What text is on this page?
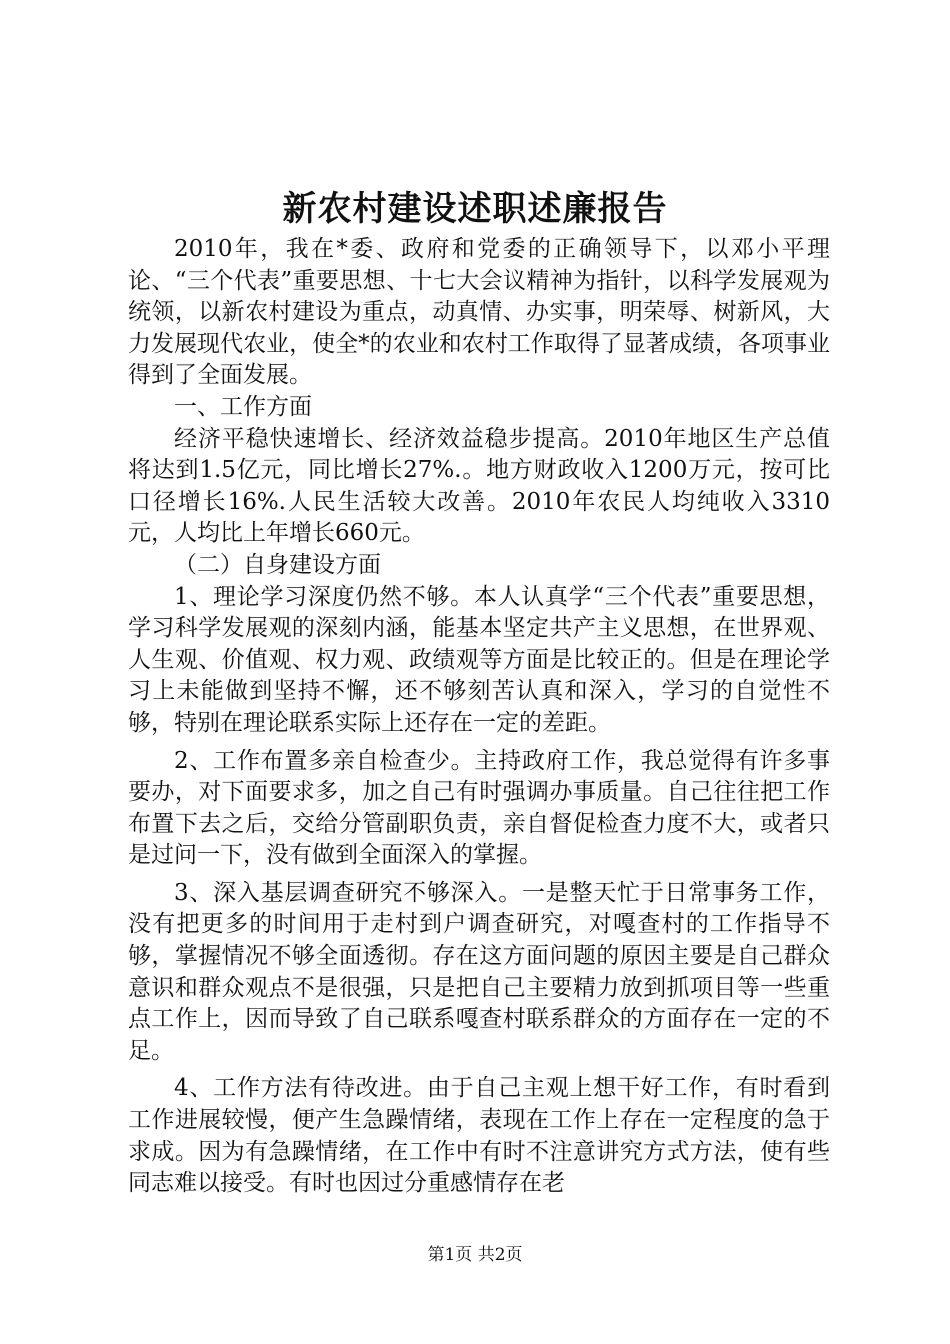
新农村建设述职述廉报告

2010年，我在*委、政府和党委的正确领导下，以邓小平理论、“三个代表”重要思想、十七大会议精神为指针，以科学发展观为统领，以新农村建设为重点，动真情、办实事，明荣辱、树新风，大力发展现代农业，使全*的农业和农村工作取得了显著成绩，各项事业得到了全面发展。

一、工作方面

经济平稳快速增长、经济效益稳步提高。2010年地区生产总值将达到1.5亿元，同比增长27%.。地方财政收入1200万元，按可比口径增长16%.人民生活较大改善。2010年农民人均纯收入3310元，人均比上年增长660元。

（二）自身建设方面

1、理论学习深度仍然不够。本人认真学“三个代表”重要思想，学习科学发展观的深刻内涵，能基本坚定共产主义思想，在世界观、人生观、价值观、权力观、政绩观等方面是比较正的。但是在理论学习上未能做到坚持不懈，还不够刻苦认真和深入，学习的自觉性不够，特别在理论联系实际上还存在一定的差距。

2、工作布置多亲自检查少。主持政府工作，我总觉得有许多事要办，对下面要求多，加之自己有时强调办事质量。自己往往把工作布置下去之后，交给分管副职负责，亲自督促检查力度不大，或者只是过问一下，没有做到全面深入的掌握。

3、深入基层调查研究不够深入。一是整天忙于日常事务工作，没有把更多的时间用于走村到户调查研究，对嘎查村的工作指导不够，掌握情况不够全面透彻。存在这方面问题的原因主要是自己群众意识和群众观点不是很强，只是把自己主要精力放到抓项目等一些重点工作上，因而导致了自己联系嘎查村联系群众的方面存在一定的不足。

4、工作方法有待改进。由于自己主观上想干好工作，有时看到工作进展较慢，便产生急躁情绪，表现在工作上存在一定程度的急于求成。因为有急躁情绪，在工作中有时不注意讲究方式方法，使有些同志难以接受。有时也因过分重感情存在老

第1页 共2页
